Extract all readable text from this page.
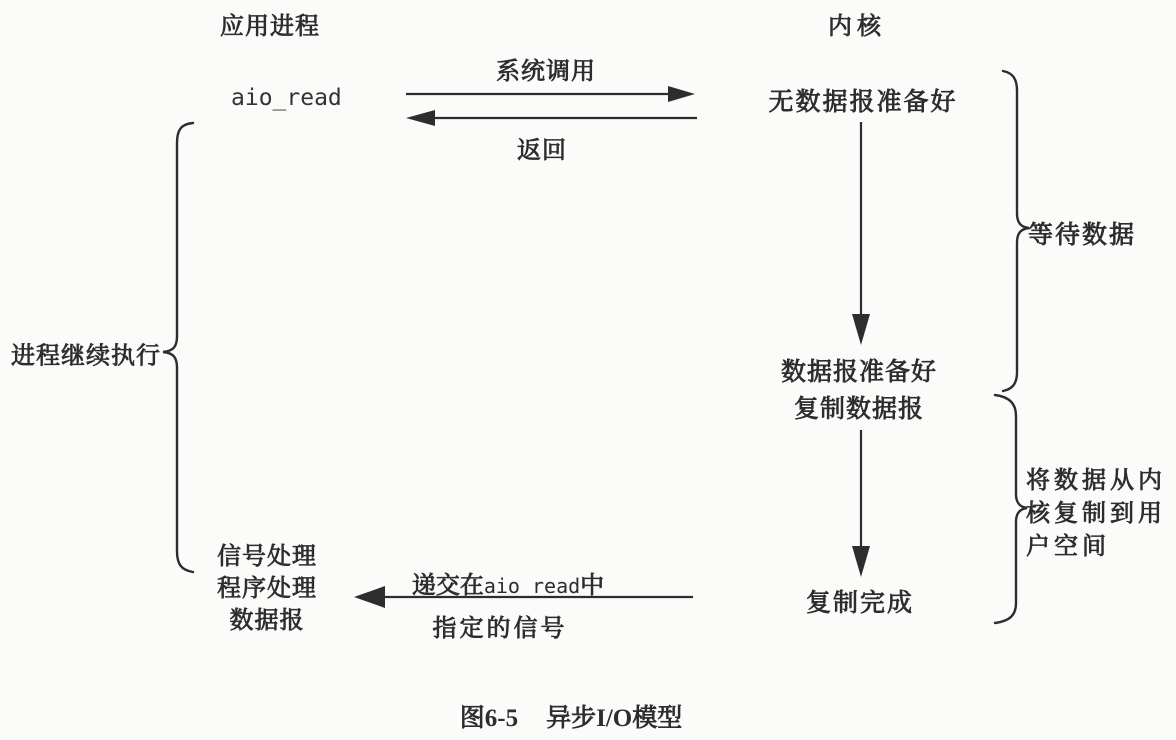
应用进程	内核
aio_read
系统调用
返回
无数据报准备好
数据报准备好
复制数据报
复制完成
递交在aio_read中
指定的信号
信号处理
程序处理
数据报
进程继续执行
等待数据
将数据从内
核复制到用
户空间
图6-5 异步I/O模型
